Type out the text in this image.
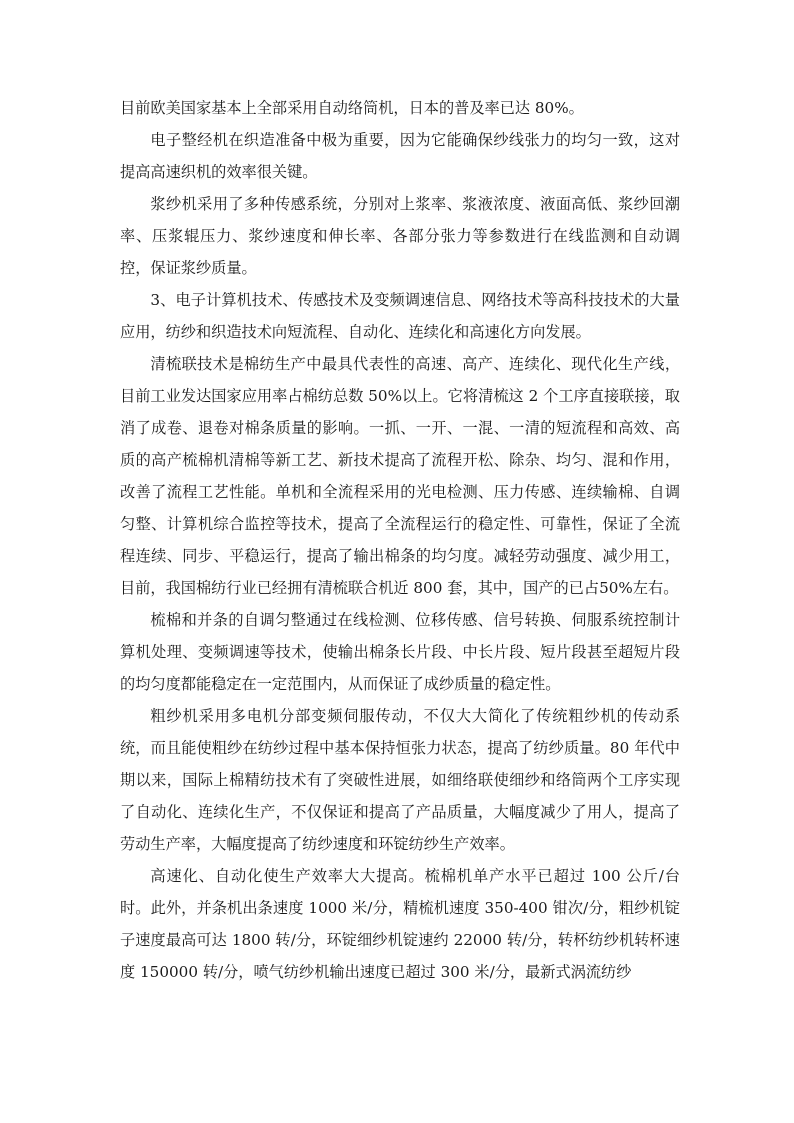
目前欧美国家基本上全部采用自动络筒机，日本的普及率已达 80%。

电子整经机在织造准备中极为重要，因为它能确保纱线张力的均匀一致，这对提高高速织机的效率很关键。

浆纱机采用了多种传感系统，分别对上浆率、浆液浓度、液面高低、浆纱回潮率、压浆辊压力、浆纱速度和伸长率、各部分张力等参数进行在线监测和自动调控，保证浆纱质量。

3、电子计算机技术、传感技术及变频调速信息、网络技术等高科技技术的大量应用，纺纱和织造技术向短流程、自动化、连续化和高速化方向发展。

清梳联技术是棉纺生产中最具代表性的高速、高产、连续化、现代化生产线，目前工业发达国家应用率占棉纺总数 50%以上。它将清梳这 2 个工序直接联接，取消了成卷、退卷对棉条质量的影响。一抓、一开、一混、一清的短流程和高效、高质的高产梳棉机清棉等新工艺、新技术提高了流程开松、除杂、均匀、混和作用，改善了流程工艺性能。单机和全流程采用的光电检测、压力传感、连续输棉、自调匀整、计算机综合监控等技术，提高了全流程运行的稳定性、可靠性，保证了全流程连续、同步、平稳运行，提高了输出棉条的均匀度。减轻劳动强度、减少用工，目前，我国棉纺行业已经拥有清梳联合机近 800 套，其中，国产的已占50%左右。

梳棉和并条的自调匀整通过在线检测、位移传感、信号转换、伺服系统控制计算机处理、变频调速等技术，使输出棉条长片段、中长片段、短片段甚至超短片段的均匀度都能稳定在一定范围内，从而保证了成纱质量的稳定性。

粗纱机采用多电机分部变频伺服传动，不仅大大简化了传统粗纱机的传动系统，而且能使粗纱在纺纱过程中基本保持恒张力状态，提高了纺纱质量。80 年代中期以来，国际上棉精纺技术有了突破性进展，如细络联使细纱和络筒两个工序实现了自动化、连续化生产，不仅保证和提高了产品质量，大幅度减少了用人，提高了劳动生产率，大幅度提高了纺纱速度和环锭纺纱生产效率。

高速化、自动化使生产效率大大提高。梳棉机单产水平已超过 100 公斤/台时。此外，并条机出条速度 1000 米/分，精梳机速度 350-400 钳次/分，粗纱机锭子速度最高可达 1800 转/分，环锭细纱机锭速约 22000 转/分，转杯纺纱机转杯速度 150000 转/分，喷气纺纱机输出速度已超过 300 米/分，最新式涡流纺纱
